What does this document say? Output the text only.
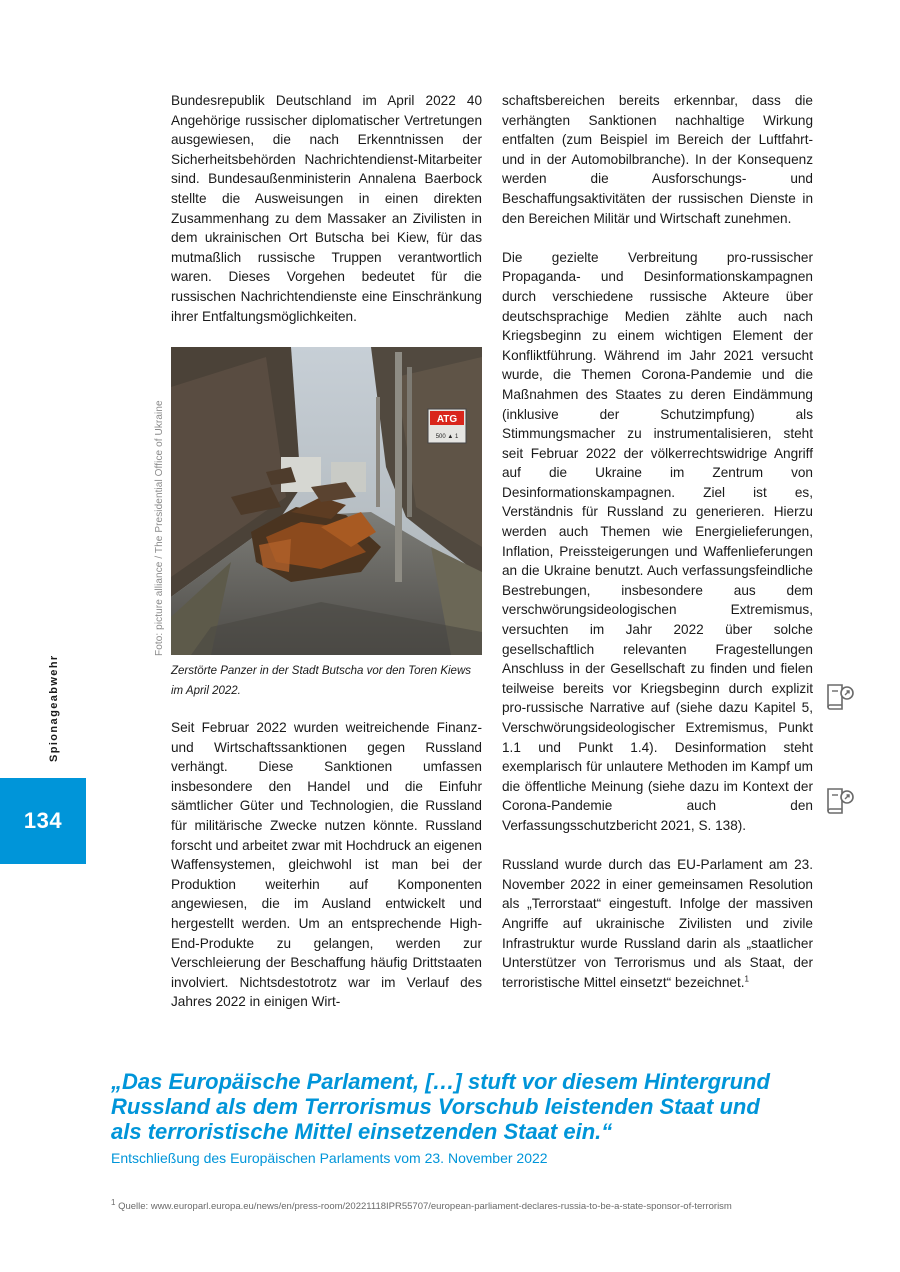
Bundesrepublik Deutschland im April 2022 40 Angehörige russischer diplomatischer Vertretungen ausgewiesen, die nach Erkenntnissen der Sicherheitsbehörden Nachrichtendienst-Mitarbeiter sind. Bundesaußenministerin Annalena Baerbock stellte die Ausweisungen in einen direkten Zusammenhang zu dem Massaker an Zivilisten in dem ukrainischen Ort Butscha bei Kiew, für das mutmaßlich russische Truppen verantwortlich waren. Dieses Vorgehen bedeutet für die russischen Nachrichtendienste eine Einschränkung ihrer Entfaltungsmöglichkeiten.

ATG
500 ▲ 1
Foto: picture alliance / The Presidential Office of Ukraine
Zerstörte Panzer in der Stadt Butscha vor den Toren Kiews
im April 2022.

Seit Februar 2022 wurden weitreichende Finanz- und Wirtschaftssanktionen gegen Russland verhängt. Diese Sanktionen umfassen insbesondere den Handel und die Einfuhr sämtlicher Güter und Technologien, die Russland für militärische Zwecke nutzen könnte. Russland forscht und arbeitet zwar mit Hochdruck an eigenen Waffensystemen, gleichwohl ist man bei der Produktion weiterhin auf Komponenten angewiesen, die im Ausland entwickelt und hergestellt werden. Um an entsprechende High-End-Produkte zu gelangen, werden zur Verschleierung der Beschaffung häufig Drittstaaten involviert. Nichtsdestotrotz war im Verlauf des Jahres 2022 in einigen Wirt-

schaftsbereichen bereits erkennbar, dass die verhängten Sanktionen nachhaltige Wirkung entfalten (zum Beispiel im Bereich der Luftfahrt- und in der Automobilbranche). In der Konsequenz werden die Ausforschungs- und Beschaffungsaktivitäten der russischen Dienste in den Bereichen Militär und Wirtschaft zunehmen.

Die gezielte Verbreitung pro-russischer Propaganda- und Desinformationskampagnen durch verschiedene russische Akteure über deutschsprachige Medien zählte auch nach Kriegsbeginn zu einem wichtigen Element der Konfliktführung. Während im Jahr 2021 versucht wurde, die Themen Corona-Pandemie und die Maßnahmen des Staates zu deren Eindämmung (inklusive der Schutzimpfung) als Stimmungsmacher zu instrumentalisieren, steht seit Februar 2022 der völkerrechtswidrige Angriff auf die Ukraine im Zentrum von Desinformationskampagnen. Ziel ist es, Verständnis für Russland zu generieren. Hierzu werden auch Themen wie Energielieferungen, Inflation, Preissteigerungen und Waffenlieferungen an die Ukraine benutzt. Auch verfassungsfeindliche Bestrebungen, insbesondere aus dem verschwörungsideologischen Extremismus, versuchten im Jahr 2022 über solche gesellschaftlich relevanten Fragestellungen Anschluss in der Gesellschaft zu finden und fielen teilweise bereits vor Kriegsbeginn durch explizit pro-russische Narrative auf (siehe dazu Kapitel 5, Verschwörungsideologischer Extremismus, Punkt 1.1 und Punkt 1.4). Desinformation steht exemplarisch für unlautere Methoden im Kampf um die öffentliche Meinung (siehe dazu im Kontext der Corona-Pandemie auch den Verfassungsschutzbericht 2021, S. 138).

Russland wurde durch das EU-Parlament am 23. November 2022 in einer gemeinsamen Resolution als „Terrorstaat“ eingestuft. Infolge der massiven Angriffe auf ukrainische Zivilisten und zivile Infrastruktur wurde Russland darin als „staatlicher Unterstützer von Terrorismus und als Staat, der terroristische Mittel einsetzt“ bezeichnet.$^1$

Spionageabwehr
134
„Das Europäische Parlament, […] stuft vor diesem Hintergrund
Russland als dem Terrorismus Vorschub leistenden Staat und
als terroristische Mittel einsetzenden Staat ein.“
Entschließung des Europäischen Parlaments vom 23. November 2022
$^1$ Quelle: www.europarl.europa.eu/news/en/press-room/20221118IPR55707/european-parliament-declares-russia-to-be-a-state-sponsor-of-terrorism
